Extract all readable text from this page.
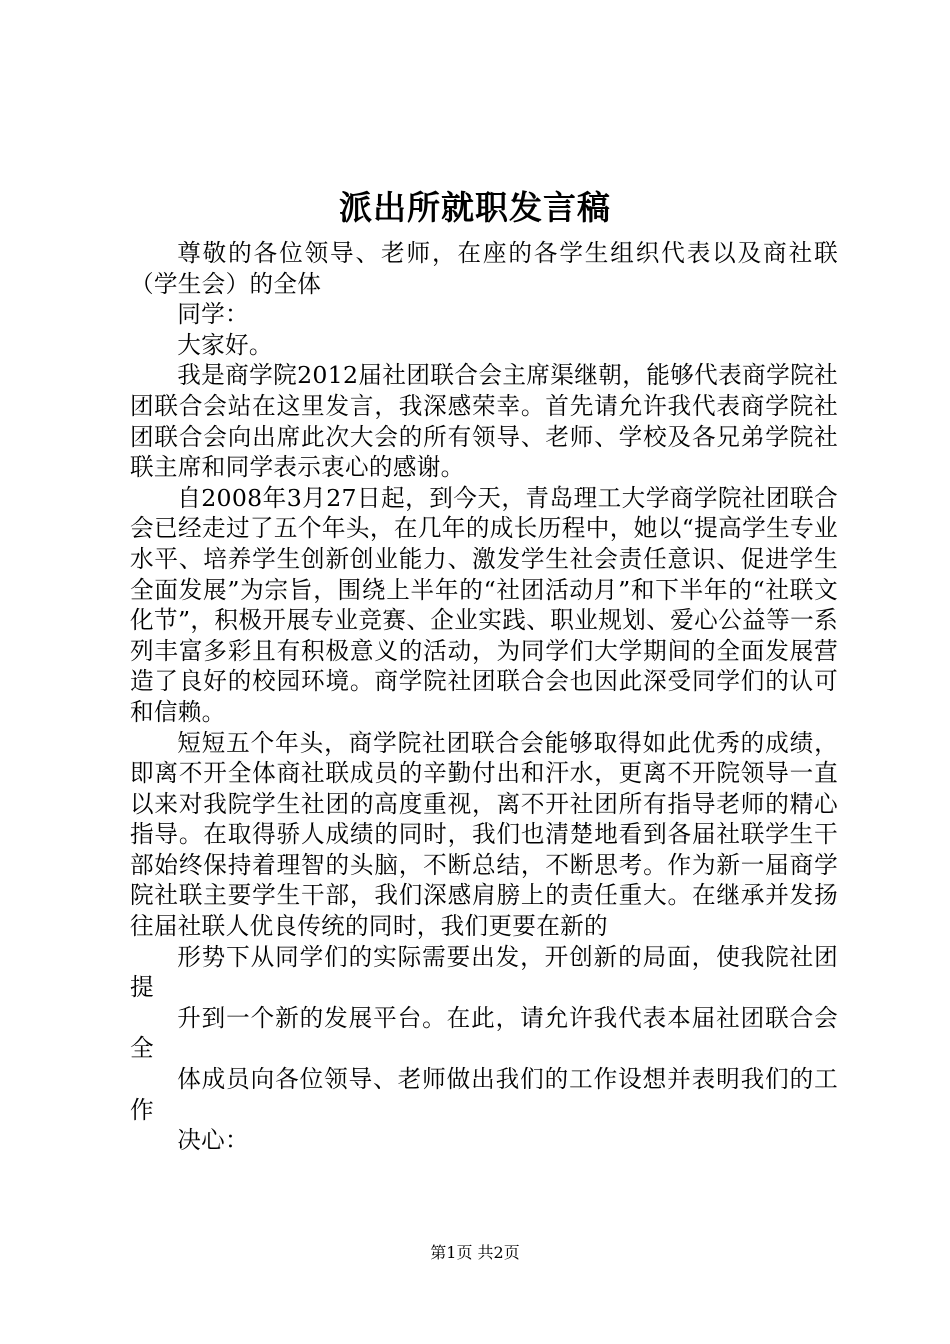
派出所就职发言稿

尊敬的各位领导、老师，在座的各学生组织代表以及商社联（学生会）的全体

同学：

大家好。

我是商学院2012届社团联合会主席渠继朝，能够代表商学院社团联合会站在这里发言，我深感荣幸。首先请允许我代表商学院社团联合会向出席此次大会的所有领导、老师、学校及各兄弟学院社联主席和同学表示衷心的感谢。

自2008年3月27日起，到今天，青岛理工大学商学院社团联合会已经走过了五个年头，在几年的成长历程中，她以“提高学生专业水平、培养学生创新创业能力、激发学生社会责任意识、促进学生全面发展”为宗旨，围绕上半年的“社团活动月”和下半年的“社联文化节”，积极开展专业竞赛、企业实践、职业规划、爱心公益等一系列丰富多彩且有积极意义的活动，为同学们大学期间的全面发展营造了良好的校园环境。商学院社团联合会也因此深受同学们的认可和信赖。

短短五个年头，商学院社团联合会能够取得如此优秀的成绩，即离不开全体商社联成员的辛勤付出和汗水，更离不开院领导一直以来对我院学生社团的高度重视，离不开社团所有指导老师的精心指导。在取得骄人成绩的同时，我们也清楚地看到各届社联学生干部始终保持着理智的头脑，不断总结，不断思考。作为新一届商学院社联主要学生干部，我们深感肩膀上的责任重大。在继承并发扬往届社联人优良传统的同时，我们更要在新的

形势下从同学们的实际需要出发，开创新的局面，使我院社团提

升到一个新的发展平台。在此，请允许我代表本届社团联合会全

体成员向各位领导、老师做出我们的工作设想并表明我们的工作

决心：

第1页 共2页
